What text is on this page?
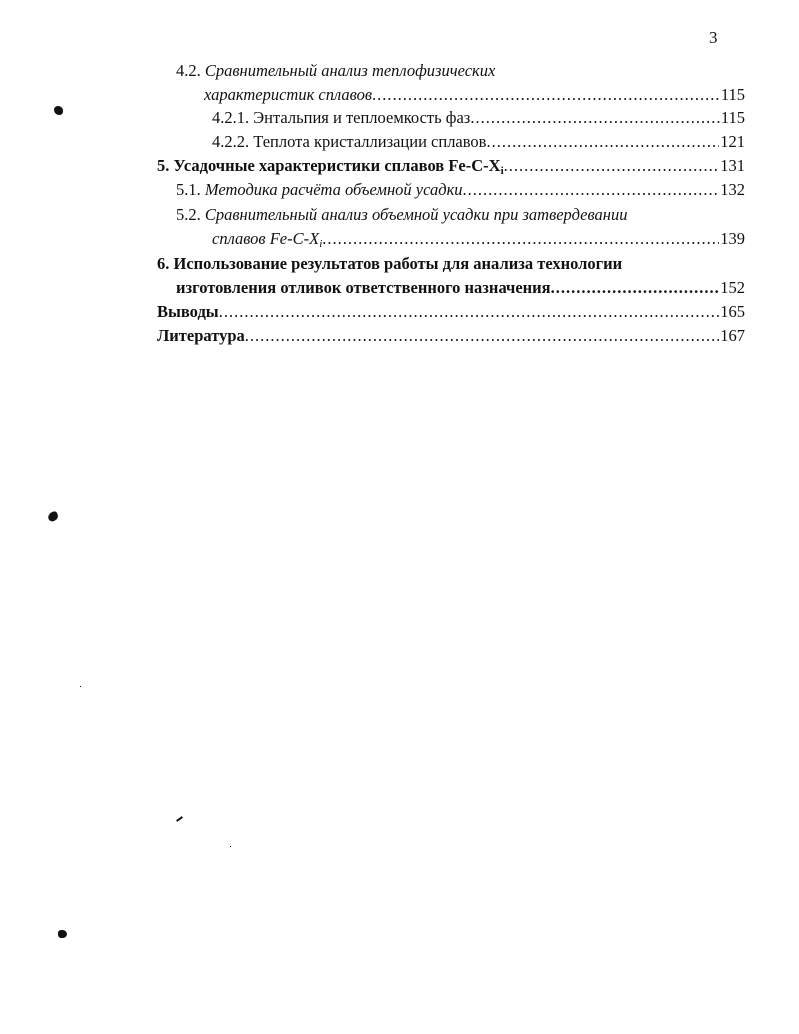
3
4.2. Сравнительный анализ теплофизических
характеристик сплавов .....	115
4.2.1. Энтальпия и теплоемкость фаз .....	115
4.2.2. Теплота кристаллизации сплавов .....	121
5. Усадочные характеристики сплавов $Fe-C-X_i$ .....	131
5.1. Методика расчёта объемной усадки .....	132
5.2. Сравнительный анализ объемной усадки при затвердевании
сплавов $Fe-C-X_i$ .....	139
6. Использование результатов работы для анализа технологии
изготовления отливок ответственного назначения .....	152
Выводы .....	165
Литература .....	167
